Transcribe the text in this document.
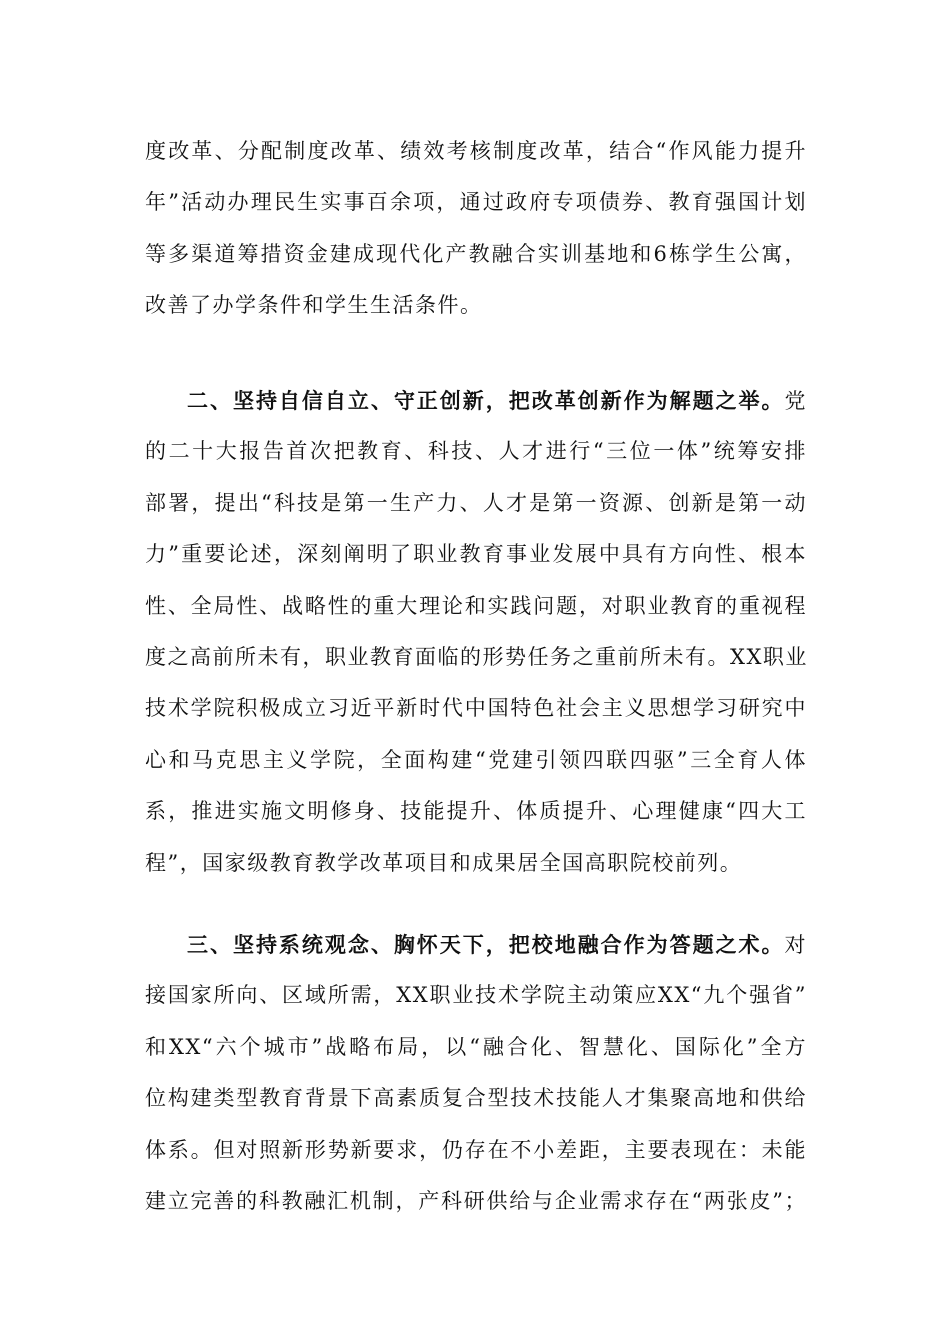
度改革、分配制度改革、绩效考核制度改革，结合“作风能力提升
年”活动办理民生实事百余项，通过政府专项债券、教育强国计划
等多渠道筹措资金建成现代化产教融合实训基地和6栋学生公寓，
改善了办学条件和学生生活条件。
二、坚持自信自立、守正创新，把改革创新作为解题之举。党
的二十大报告首次把教育、科技、人才进行“三位一体”统筹安排
部署，提出“科技是第一生产力、人才是第一资源、创新是第一动
力”重要论述，深刻阐明了职业教育事业发展中具有方向性、根本
性、全局性、战略性的重大理论和实践问题，对职业教育的重视程
度之高前所未有，职业教育面临的形势任务之重前所未有。XX职业
技术学院积极成立习近平新时代中国特色社会主义思想学习研究中
心和马克思主义学院，全面构建“党建引领四联四驱”三全育人体
系，推进实施文明修身、技能提升、体质提升、心理健康“四大工
程”，国家级教育教学改革项目和成果居全国高职院校前列。
三、坚持系统观念、胸怀天下，把校地融合作为答题之术。对
接国家所向、区域所需，XX职业技术学院主动策应XX“九个强省”
和XX“六个城市”战略布局，以“融合化、智慧化、国际化”全方
位构建类型教育背景下高素质复合型技术技能人才集聚高地和供给
体系。但对照新形势新要求，仍存在不小差距，主要表现在：未能
建立完善的科教融汇机制，产科研供给与企业需求存在“两张皮”；
